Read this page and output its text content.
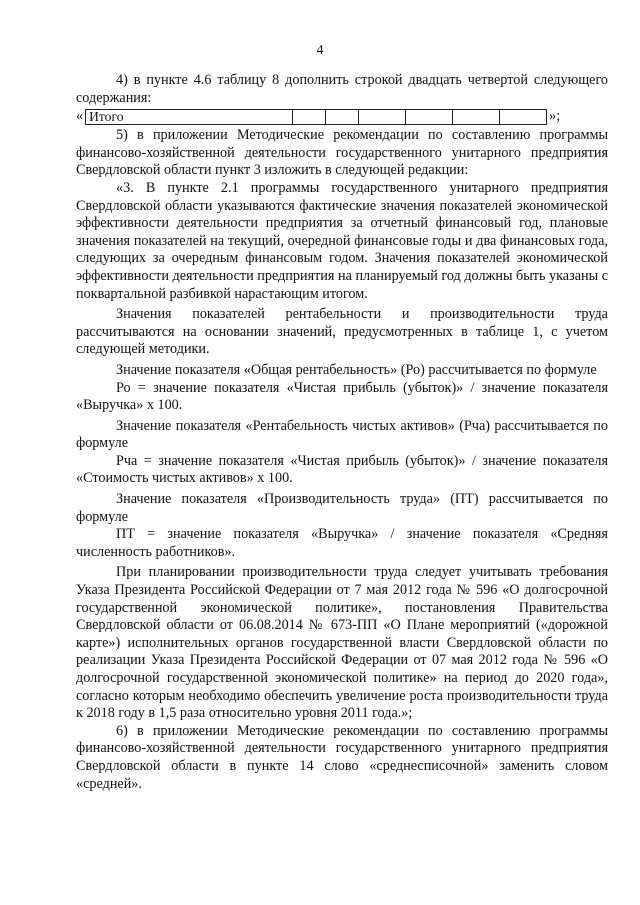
4

4) в пункте 4.6 таблицу 8 дополнить строкой двадцать четвертой следующего содержания:

« Итого							»;

5) в приложении Методические рекомендации по составлению программы финансово-хозяйственной деятельности государственного унитарного предприятия Свердловской области пункт 3 изложить в следующей редакции:

«3. В пункте 2.1 программы государственного унитарного предприятия Свердловской области указываются фактические значения показателей экономической эффективности деятельности предприятия за отчетный финансовый год, плановые значения показателей на текущий, очередной финансовые годы и два финансовых года, следующих за очередным финансовым годом. Значения показателей экономической эффективности деятельности предприятия на планируемый год должны быть указаны с поквартальной разбивкой нарастающим итогом.

Значения показателей рентабельности и производительности труда рассчитываются на основании значений, предусмотренных в таблице 1, с учетом следующей методики.

Значение показателя «Общая рентабельность» (Ро) рассчитывается по формуле

Ро = значение показателя «Чистая прибыль (убыток)» / значение показателя «Выручка» х 100.

Значение показателя «Рентабельность чистых активов» (Рча) рассчитывается по формуле

Рча = значение показателя «Чистая прибыль (убыток)» / значение показателя «Стоимость чистых активов» х 100.

Значение показателя «Производительность труда» (ПТ) рассчитывается по формуле

ПТ = значение показателя «Выручка» / значение показателя «Средняя численность работников».

При планировании производительности труда следует учитывать требования Указа Президента Российской Федерации от 7 мая 2012 года № 596 «О долгосрочной государственной экономической политике», постановления Правительства Свердловской области от 06.08.2014 № 673-ПП «О Плане мероприятий («дорожной карте») исполнительных органов государственной власти Свердловской области по реализации Указа Президента Российской Федерации от 07 мая 2012 года № 596 «О долгосрочной государственной экономической политике» на период до 2020 года», согласно которым необходимо обеспечить увеличение роста производительности труда к 2018 году в 1,5 раза относительно уровня 2011 года.»;

6) в приложении Методические рекомендации по составлению программы финансово-хозяйственной деятельности государственного унитарного предприятия Свердловской области в пункте 14 слово «среднесписочной» заменить словом «средней».
